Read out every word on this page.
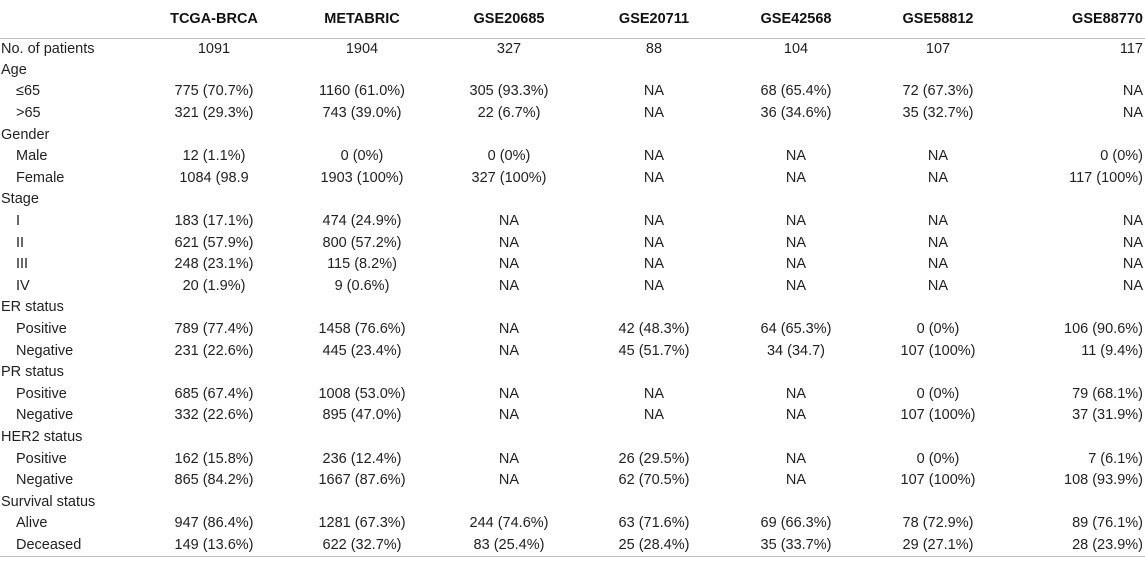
	TCGA-BRCA	METABRIC	GSE20685	GSE20711	GSE42568	GSE58812	GSE88770
No. of patients	1091	1904	327	88	104	107	117
Age							
≤65	775 (70.7%)	1160 (61.0%)	305 (93.3%)	NA	68 (65.4%)	72 (67.3%)	NA
>65	321 (29.3%)	743 (39.0%)	22 (6.7%)	NA	36 (34.6%)	35 (32.7%)	NA
Gender							
Male	12 (1.1%)	0 (0%)	0 (0%)	NA	NA	NA	0 (0%)
Female	1084 (98.9	1903 (100%)	327 (100%)	NA	NA	NA	117 (100%)
Stage							
I	183 (17.1%)	474 (24.9%)	NA	NA	NA	NA	NA
II	621 (57.9%)	800 (57.2%)	NA	NA	NA	NA	NA
III	248 (23.1%)	115 (8.2%)	NA	NA	NA	NA	NA
IV	20 (1.9%)	9 (0.6%)	NA	NA	NA	NA	NA
ER status							
Positive	789 (77.4%)	1458 (76.6%)	NA	42 (48.3%)	64 (65.3%)	0 (0%)	106 (90.6%)
Negative	231 (22.6%)	445 (23.4%)	NA	45 (51.7%)	34 (34.7)	107 (100%)	11 (9.4%)
PR status							
Positive	685 (67.4%)	1008 (53.0%)	NA	NA	NA	0 (0%)	79 (68.1%)
Negative	332 (22.6%)	895 (47.0%)	NA	NA	NA	107 (100%)	37 (31.9%)
HER2 status							
Positive	162 (15.8%)	236 (12.4%)	NA	26 (29.5%)	NA	0 (0%)	7 (6.1%)
Negative	865 (84.2%)	1667 (87.6%)	NA	62 (70.5%)	NA	107 (100%)	108 (93.9%)
Survival status							
Alive	947 (86.4%)	1281 (67.3%)	244 (74.6%)	63 (71.6%)	69 (66.3%)	78 (72.9%)	89 (76.1%)
Deceased	149 (13.6%)	622 (32.7%)	83 (25.4%)	25 (28.4%)	35 (33.7%)	29 (27.1%)	28 (23.9%)
